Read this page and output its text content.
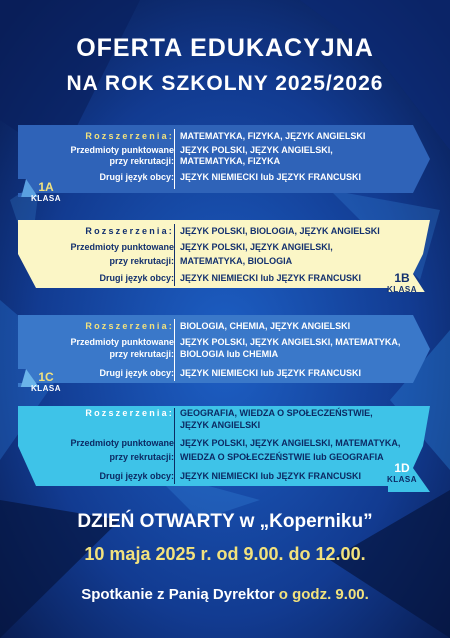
OFERTA EDUKACYJNA
NA ROK SZKOLNY 2025/2026
Rozszerzenia:
Przedmioty punktowane
przy rekrutacji:
Drugi język obcy:
MATEMATYKA, FIZYKA, JĘZYK ANGIELSKI
JĘZYK POLSKI, JĘZYK ANGIELSKI,
MATEMATYKA, FIZYKA
JĘZYK NIEMIECKI lub JĘZYK FRANCUSKI
1A
KLASA
Rozszerzenia:
Przedmioty punktowane
przy rekrutacji:
Drugi język obcy:
JĘZYK POLSKI, BIOLOGIA, JĘZYK ANGIELSKI
JĘZYK POLSKI, JĘZYK ANGIELSKI,
MATEMATYKA, BIOLOGIA
JĘZYK NIEMIECKI lub JĘZYK FRANCUSKI	1B
KLASA
Rozszerzenia:
Przedmioty punktowane
przy rekrutacji:
Drugi język obcy:
BIOLOGIA, CHEMIA, JĘZYK ANGIELSKI
JĘZYK POLSKI, JĘZYK ANGIELSKI, MATEMATYKA,
BIOLOGIA lub CHEMIA
JĘZYK NIEMIECKI lub JĘZYK FRANCUSKI
1C
KLASA
Rozszerzenia:
Przedmioty punktowane
przy rekrutacji:
Drugi język obcy:
GEOGRAFIA, WIEDZA O SPOŁECZEŃSTWIE,
JĘZYK ANGIELSKI
JĘZYK POLSKI, JĘZYK ANGIELSKI, MATEMATYKA,
WIEDZA O SPOŁECZEŃSTWIE lub GEOGRAFIA
JĘZYK NIEMIECKI lub JĘZYK FRANCUSKI
1D
KLASA
DZIEŃ OTWARTY w „Koperniku”
10 maja 2025 r. od 9.00. do 12.00.
Spotkanie z Panią Dyrektor o godz. 9.00.
